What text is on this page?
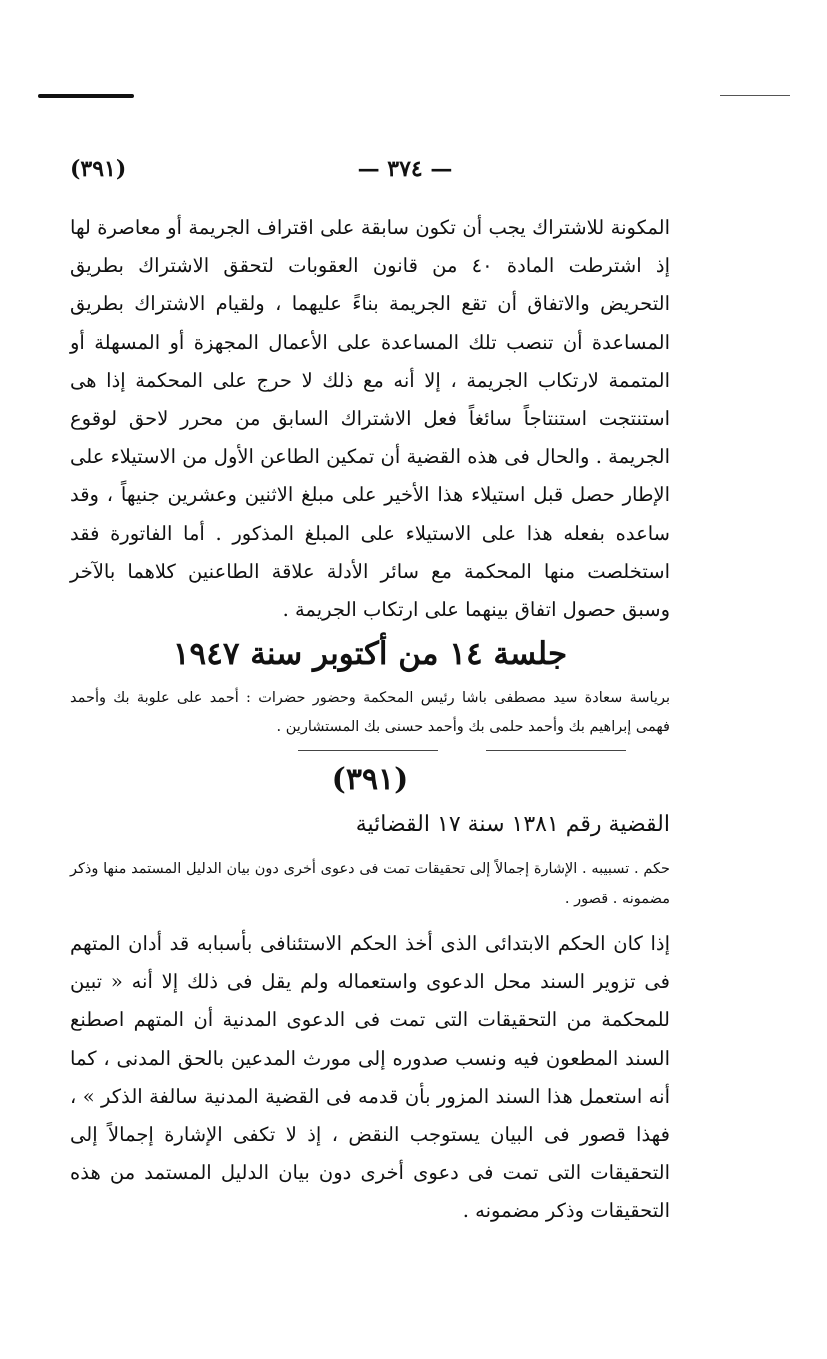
(٣٩١)	— ٣٧٤ —

المكونة للاشتراك يجب أن تكون سابقة على اقتراف الجريمة أو معاصرة لها إذ اشترطت المادة ٤٠ من قانون العقوبات لتحقق الاشتراك بطريق التحريض والاتفاق أن تقع الجريمة بناءً عليهما ، ولقيام الاشتراك بطريق المساعدة أن تنصب تلك المساعدة على الأعمال المجهزة أو المسهلة أو المتممة لارتكاب الجريمة ، إلا أنه مع ذلك لا حرج على المحكمة إذا هى استنتجت استنتاجاً سائغاً فعل الاشتراك السابق من محرر لاحق لوقوع الجريمة . والحال فى هذه القضية أن تمكين الطاعن الأول من الاستيلاء على الإطار حصل قبل استيلاء هذا الأخير على مبلغ الاثنين وعشرين جنيهاً ، وقد ساعده بفعله هذا على الاستيلاء على المبلغ المذكور . أما الفاتورة فقد استخلصت منها المحكمة مع سائر الأدلة علاقة الطاعنين كلاهما بالآخر وسبق حصول اتفاق بينهما على ارتكاب الجريمة .

جلسة ١٤ من أكتوبر سنة ١٩٤٧

برياسة سعادة سيد مصطفى باشا رئيس المحكمة وحضور حضرات : أحمد على علوبة بك وأحمد فهمى إبراهيم بك وأحمد حلمى بك وأحمد حسنى بك المستشارين .

(٣٩١)

القضية رقم ١٣٨١ سنة ١٧ القضائية

حكم . تسبيبه . الإشارة إجمالاً إلى تحقيقات تمت فى دعوى أخرى دون بيان الدليل المستمد منها وذكر مضمونه . قصور .

إذا كان الحكم الابتدائى الذى أخذ الحكم الاستئنافى بأسبابه قد أدان المتهم فى تزوير السند محل الدعوى واستعماله ولم يقل فى ذلك إلا أنه « تبين للمحكمة من التحقيقات التى تمت فى الدعوى المدنية أن المتهم اصطنع السند المطعون فيه ونسب صدوره إلى مورث المدعين بالحق المدنى ، كما أنه استعمل هذا السند المزور بأن قدمه فى القضية المدنية سالفة الذكر » ، فهذا قصور فى البيان يستوجب النقض ، إذ لا تكفى الإشارة إجمالاً إلى التحقيقات التى تمت فى دعوى أخرى دون بيان الدليل المستمد من هذه التحقيقات وذكر مضمونه .
